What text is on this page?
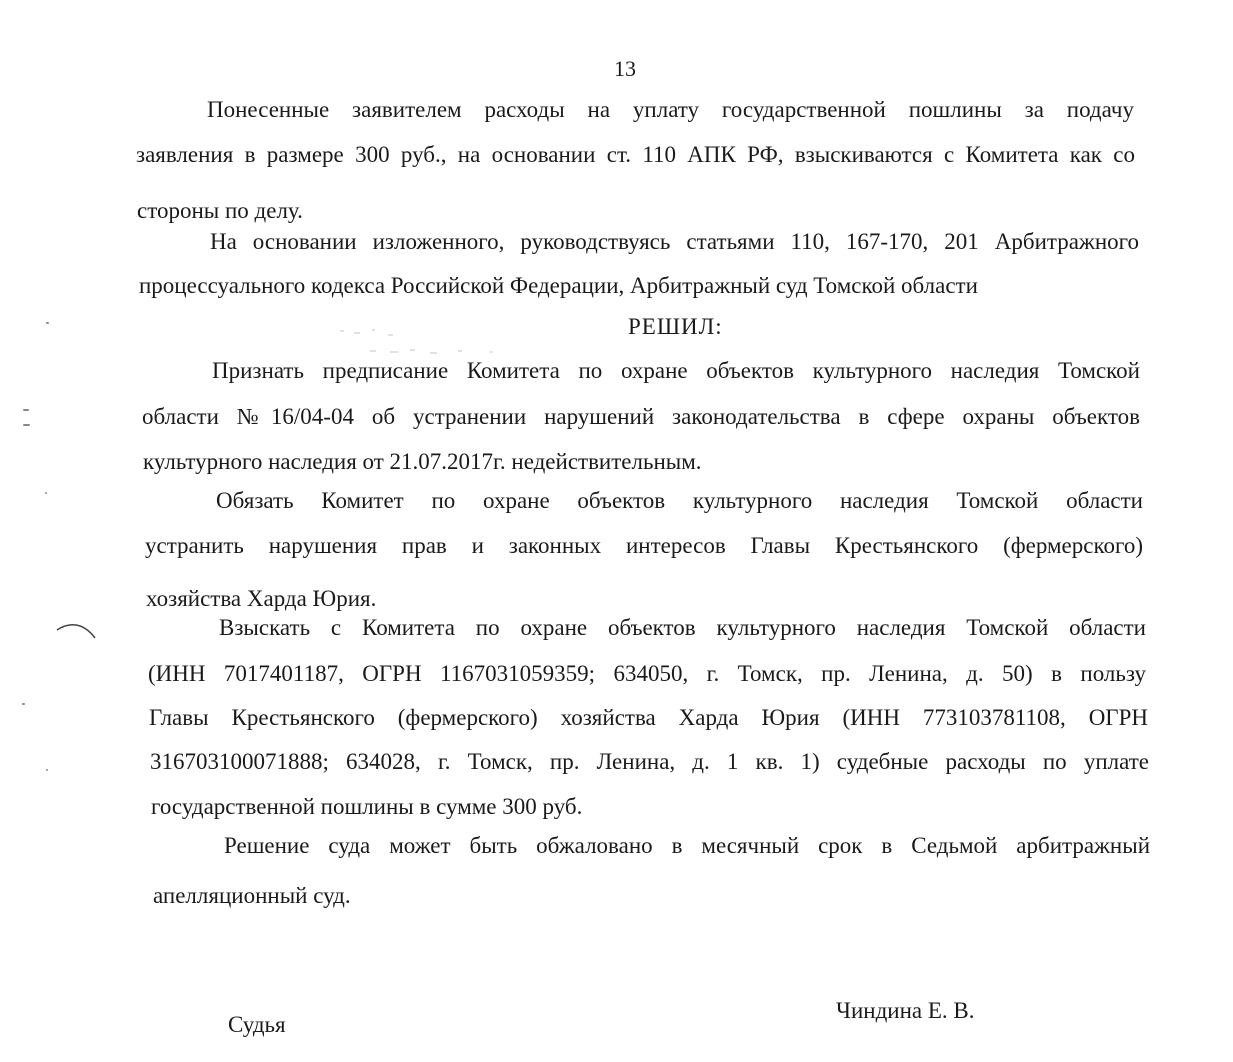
13
Понесенные заявителем расходы на уплату государственной пошлины за подачу
заявления в размере 300 руб., на основании ст. 110 АПК РФ, взыскиваются с Комитета как со
стороны по делу.
На основании изложенного, руководствуясь статьями 110, 167-170, 201 Арбитражного
процессуального кодекса Российской Федерации, Арбитражный суд Томской области
РЕШИЛ:
Признать предписание Комитета по охране объектов культурного наследия Томской
области №16/04-04 об устранении нарушений законодательства в сфере охраны объектов
культурного наследия от 21.07.2017г. недействительным.
Обязать Комитет по охране объектов культурного наследия Томской области
устранить нарушения прав и законных интересов Главы Крестьянского (фермерского)
хозяйства Харда Юрия.
Взыскать с Комитета по охране объектов культурного наследия Томской области
(ИНН 7017401187, ОГРН 1167031059359; 634050, г. Томск, пр. Ленина, д. 50) в пользу
Главы Крестьянского (фермерского) хозяйства Харда Юрия (ИНН 773103781108, ОГРН
316703100071888; 634028, г. Томск, пр. Ленина, д. 1 кв. 1) судебные расходы по уплате
государственной пошлины в сумме 300 руб.
Решение суда может быть обжаловано в месячный срок в Седьмой арбитражный
апелляционный суд.
Судья
Чиндина Е. В.
